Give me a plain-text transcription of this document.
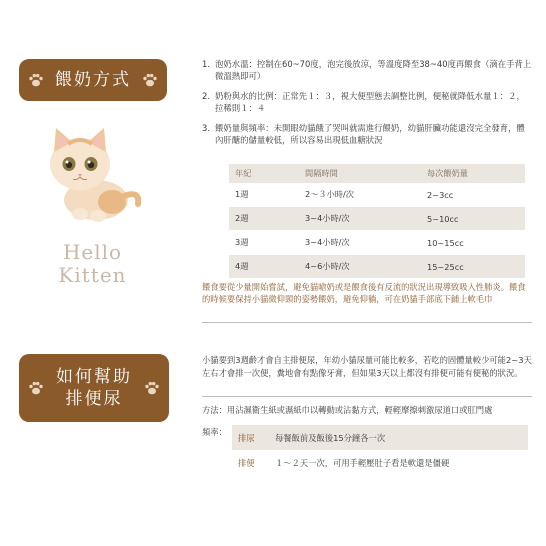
餵奶方式
Hello
Kitten
1. 泡奶水溫：控制在60~70度，泡完後放涼，等溫度降至38~40度再餵食（滴在手背上微溫熱即可）
2. 奶粉與水的比例：正常先１：３，視大便型態去調整比例，便秘就降低水量１：２，拉稀則１：４
3. 餵奶量與頻率：未開眼幼貓餓了哭叫就需進行餵奶，幼貓肝臟功能還沒完全發育，體內肝醣的儲量較低，所以容易出現低血糖狀況
年紀	間隔時間	每次餵奶量
1週	2～３小時/次	2~3cc
2週	3~4小時/次	5~10cc
3週	3~4小時/次	10~15cc
4週	4~6小時/次	15~25cc
餵食要從少量開始嘗試，避免貓嗆奶或是餵食後有反流的狀況出現導致吸入性肺炎。餵食的時候要保持小貓微仰頸的姿勢餵奶，避免仰躺，可在奶貓手部底下鋪上軟毛巾
如何幫助
排便尿
小貓要到3週齡才會自主排便尿，年幼小貓尿量可能比較多，若吃的固體量較少可能2~3天左右才會排一次便，糞地會有點像牙膏，但如果3天以上都沒有排便可能有便秘的狀況。
方法：用沾濕衛生紙或濕紙巾以轉動或沾黏方式，輕輕摩擦刺激尿道口或肛門處
頻率：
排尿	每餐飯前及飯後15分鐘各一次
排便	１～２天一次，可用手輕壓肚子看是軟還是僵硬
